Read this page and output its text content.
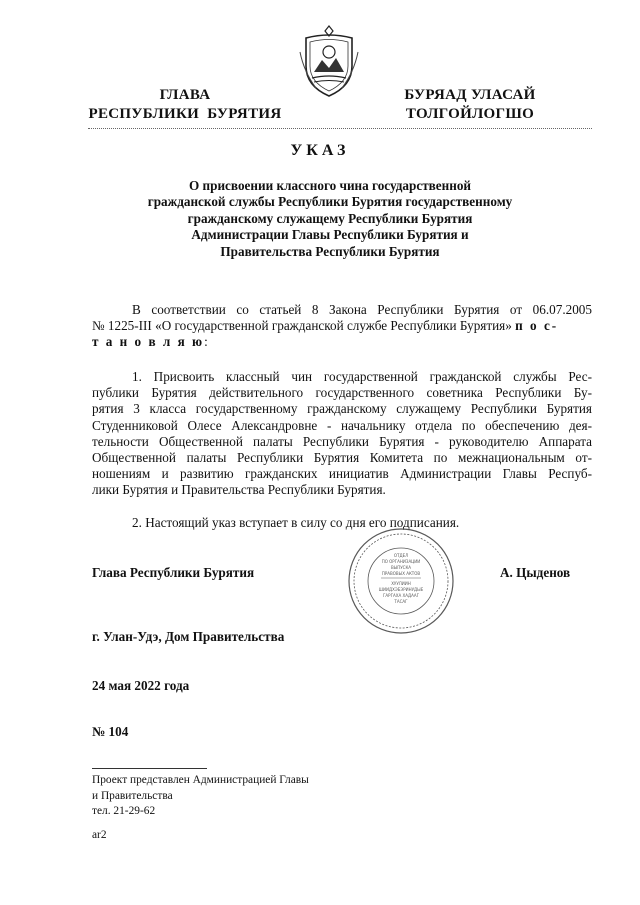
ГЛАВА
РЕСПУБЛИКИ  БУРЯТИЯ
БУРЯАД УЛАСАЙ
ТОЛГОЙЛОГШО
УКАЗ
О присвоении классного чина государственной
гражданской службы Республики Бурятия государственному
гражданскому служащему Республики Бурятия
Администрации Главы Республики Бурятия и
Правительства Республики Бурятия
В соответствии со статьей 8 Закона Республики Бурятия от 06.07.2005
№ 1225-III «О государственной гражданской службе Республики Бурятия» п о с-
т а н о в л я ю:
1. Присвоить классный чин государственной гражданской службы Рес-
публики Бурятия действительного государственного советника Республики Бу-
рятия 3 класса государственному гражданскому служащему Республики Бурятия
Студенниковой Олесе Александровне - начальнику отдела по обеспечению дея-
тельности Общественной палаты Республики Бурятия - руководителю Аппарата
Общественной палаты Республики Бурятия Комитета по межнациональным от-
ношениям и развитию гражданских инициатив Администрации Главы Респуб-
лики Бурятия и Правительства Республики Бурятия.
2. Настоящий указ вступает в силу со дня его подписания.
ОТДЕЛ
ПО ОРГАНИЗАЦИИ
ВЫПУСКА
ПРАВОВЫХ АКТОВ
ХУУЛИИН
ШИИДХЭБЭРИНУДЫЕ
ГАРГАХА ХАДААГ
ТАСАГ
Глава Республики Бурятия	А. Цыденов
г. Улан-Удэ, Дом Правительства
24 мая 2022 года
№ 104
Проект представлен Администрацией Главы
и Правительства
тел. 21-29-62
ar2
